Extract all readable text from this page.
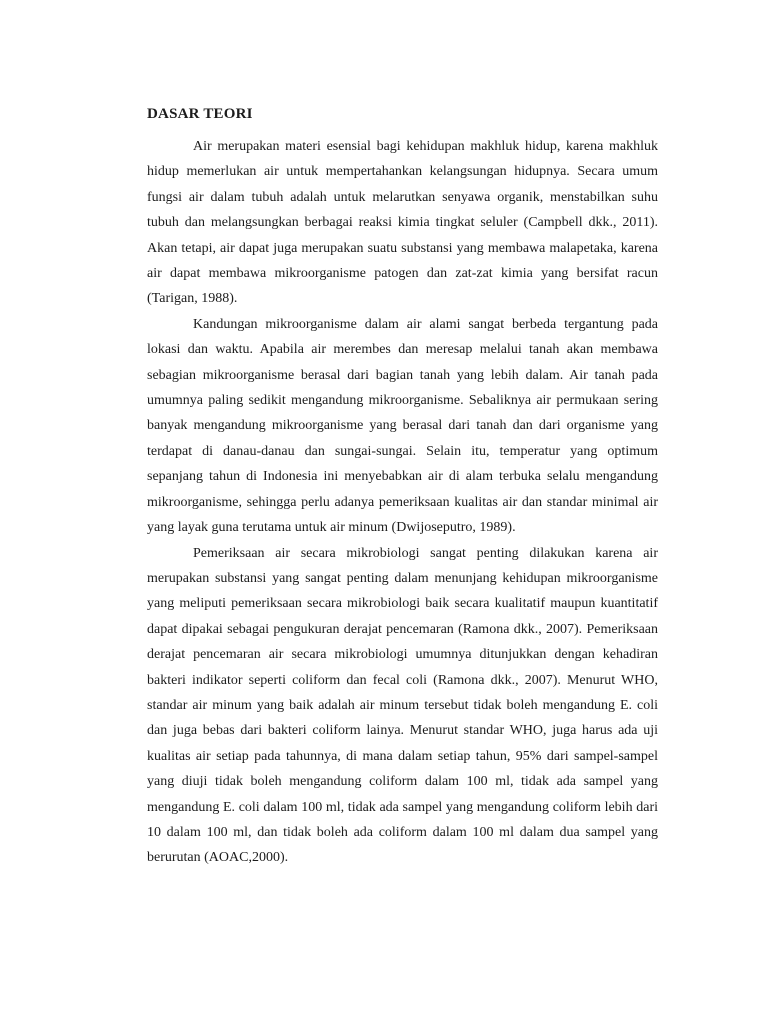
DASAR TEORI

Air merupakan materi esensial bagi kehidupan makhluk hidup, karena makhluk hidup memerlukan air untuk mempertahankan kelangsungan hidupnya. Secara umum fungsi air dalam tubuh adalah untuk melarutkan senyawa organik, menstabilkan suhu tubuh dan melangsungkan berbagai reaksi kimia tingkat seluler (Campbell dkk., 2011). Akan tetapi, air dapat juga merupakan suatu substansi yang membawa malapetaka, karena air dapat membawa mikroorganisme patogen dan zat-zat kimia yang bersifat racun (Tarigan, 1988).

Kandungan mikroorganisme dalam air alami sangat berbeda tergantung pada lokasi dan waktu. Apabila air merembes dan meresap melalui tanah akan membawa sebagian mikroorganisme berasal dari bagian tanah yang lebih dalam. Air tanah pada umumnya paling sedikit mengandung mikroorganisme. Sebaliknya air permukaan sering banyak mengandung mikroorganisme yang berasal dari tanah dan dari organisme yang terdapat di danau-danau dan sungai-sungai. Selain itu, temperatur yang optimum sepanjang tahun di Indonesia ini menyebabkan air di alam terbuka selalu mengandung mikroorganisme, sehingga perlu adanya pemeriksaan kualitas air dan standar minimal air yang layak guna terutama untuk air minum (Dwijoseputro, 1989).

Pemeriksaan air secara mikrobiologi sangat penting dilakukan karena air merupakan substansi yang sangat penting dalam menunjang kehidupan mikroorganisme yang meliputi pemeriksaan secara mikrobiologi baik secara kualitatif maupun kuantitatif dapat dipakai sebagai pengukuran derajat pencemaran (Ramona dkk., 2007). Pemeriksaan derajat pencemaran air secara mikrobiologi umumnya ditunjukkan dengan kehadiran bakteri indikator seperti coliform dan fecal coli (Ramona dkk., 2007). Menurut WHO, standar air minum yang baik adalah air minum tersebut tidak boleh mengandung E. coli dan juga bebas dari bakteri coliform lainya. Menurut standar WHO, juga harus ada uji kualitas air setiap pada tahunnya, di mana dalam setiap tahun, 95% dari sampel-sampel yang diuji tidak boleh mengandung coliform dalam 100 ml, tidak ada sampel yang mengandung E. coli dalam 100 ml, tidak ada sampel yang mengandung coliform lebih dari 10 dalam 100 ml, dan tidak boleh ada coliform dalam 100 ml dalam dua sampel yang berurutan (AOAC,2000).
